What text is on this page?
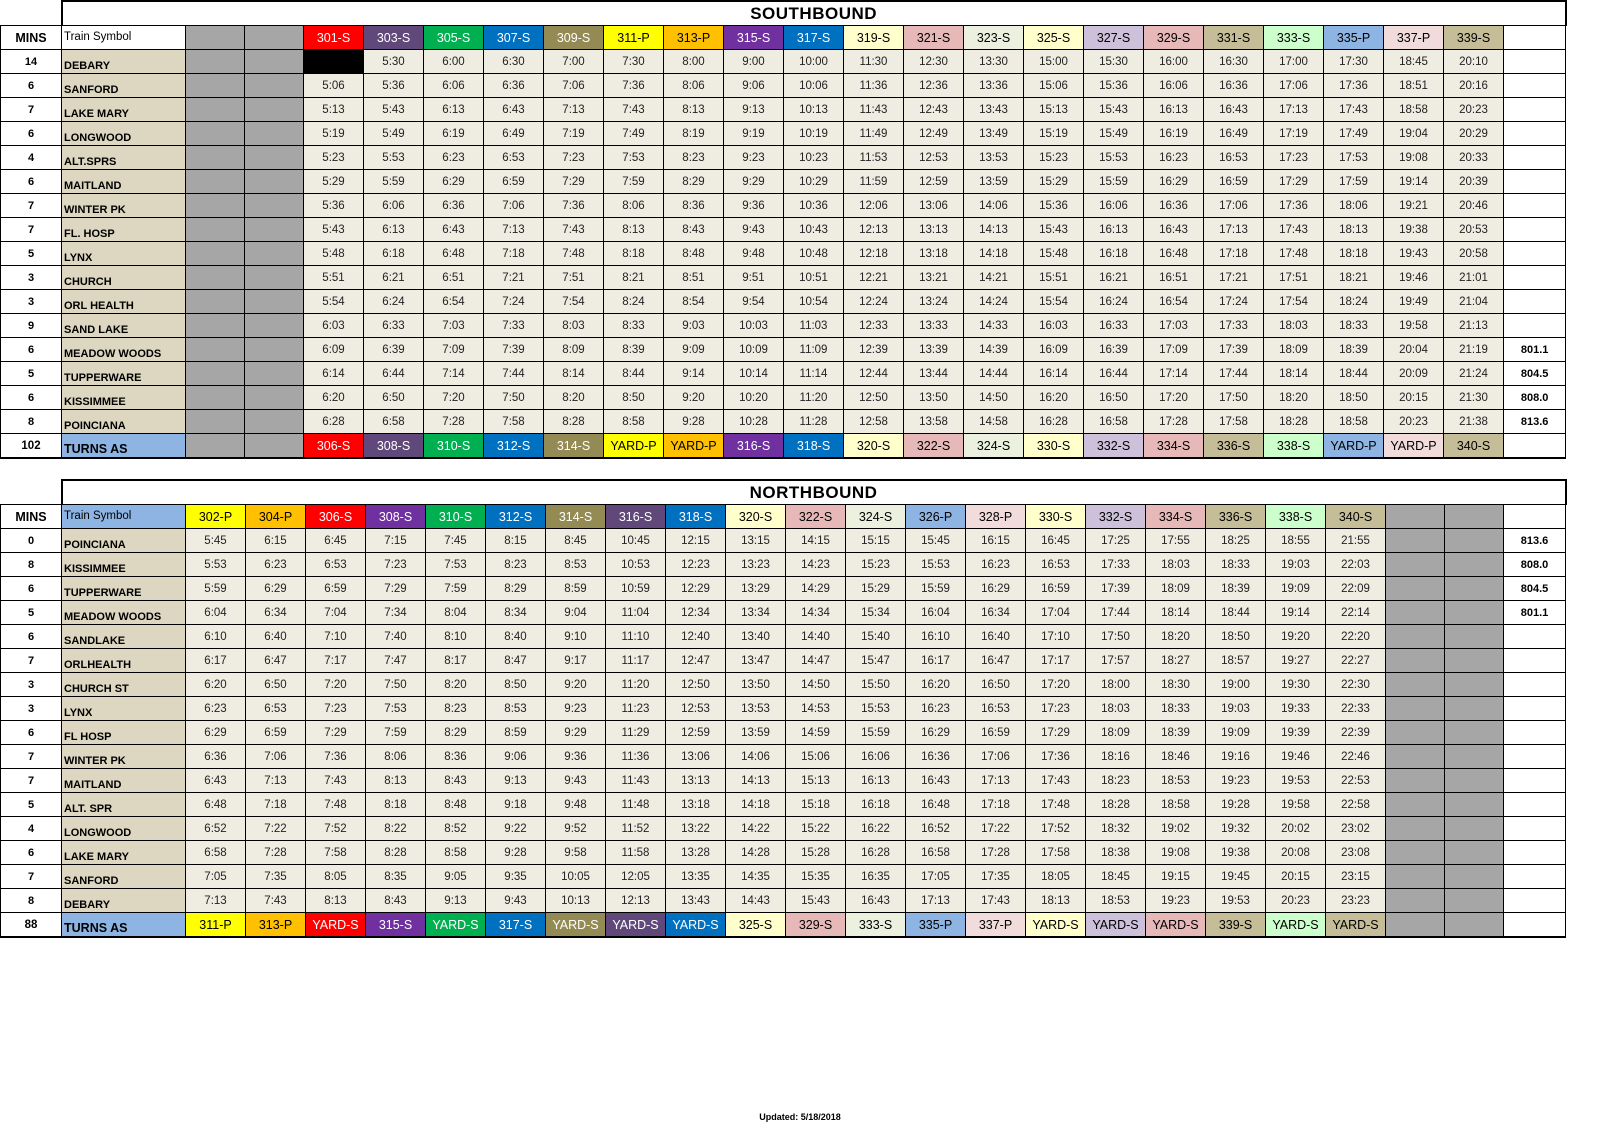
	SOUTHBOUND																							
MINS	Train Symbol			301-S	303-S	305-S	307-S	309-S	311-P	313-P	315-S	317-S	319-S	321-S	323-S	325-S	327-S	329-S	331-S	333-S	335-P	337-P	339-S	
14	DEBARY				5:30	6:00	6:30	7:00	7:30	8:00	9:00	10:00	11:30	12:30	13:30	15:00	15:30	16:00	16:30	17:00	17:30	18:45	20:10	
6	SANFORD			5:06	5:36	6:06	6:36	7:06	7:36	8:06	9:06	10:06	11:36	12:36	13:36	15:06	15:36	16:06	16:36	17:06	17:36	18:51	20:16	
7	LAKE MARY			5:13	5:43	6:13	6:43	7:13	7:43	8:13	9:13	10:13	11:43	12:43	13:43	15:13	15:43	16:13	16:43	17:13	17:43	18:58	20:23	
6	LONGWOOD			5:19	5:49	6:19	6:49	7:19	7:49	8:19	9:19	10:19	11:49	12:49	13:49	15:19	15:49	16:19	16:49	17:19	17:49	19:04	20:29	
4	ALT.SPRS			5:23	5:53	6:23	6:53	7:23	7:53	8:23	9:23	10:23	11:53	12:53	13:53	15:23	15:53	16:23	16:53	17:23	17:53	19:08	20:33	
6	MAITLAND			5:29	5:59	6:29	6:59	7:29	7:59	8:29	9:29	10:29	11:59	12:59	13:59	15:29	15:59	16:29	16:59	17:29	17:59	19:14	20:39	
7	WINTER PK			5:36	6:06	6:36	7:06	7:36	8:06	8:36	9:36	10:36	12:06	13:06	14:06	15:36	16:06	16:36	17:06	17:36	18:06	19:21	20:46	
7	FL. HOSP			5:43	6:13	6:43	7:13	7:43	8:13	8:43	9:43	10:43	12:13	13:13	14:13	15:43	16:13	16:43	17:13	17:43	18:13	19:38	20:53	
5	LYNX			5:48	6:18	6:48	7:18	7:48	8:18	8:48	9:48	10:48	12:18	13:18	14:18	15:48	16:18	16:48	17:18	17:48	18:18	19:43	20:58	
3	CHURCH			5:51	6:21	6:51	7:21	7:51	8:21	8:51	9:51	10:51	12:21	13:21	14:21	15:51	16:21	16:51	17:21	17:51	18:21	19:46	21:01	
3	ORL HEALTH			5:54	6:24	6:54	7:24	7:54	8:24	8:54	9:54	10:54	12:24	13:24	14:24	15:54	16:24	16:54	17:24	17:54	18:24	19:49	21:04	
9	SAND LAKE			6:03	6:33	7:03	7:33	8:03	8:33	9:03	10:03	11:03	12:33	13:33	14:33	16:03	16:33	17:03	17:33	18:03	18:33	19:58	21:13	
6	MEADOW WOODS			6:09	6:39	7:09	7:39	8:09	8:39	9:09	10:09	11:09	12:39	13:39	14:39	16:09	16:39	17:09	17:39	18:09	18:39	20:04	21:19	801.1
5	TUPPERWARE			6:14	6:44	7:14	7:44	8:14	8:44	9:14	10:14	11:14	12:44	13:44	14:44	16:14	16:44	17:14	17:44	18:14	18:44	20:09	21:24	804.5
6	KISSIMMEE			6:20	6:50	7:20	7:50	8:20	8:50	9:20	10:20	11:20	12:50	13:50	14:50	16:20	16:50	17:20	17:50	18:20	18:50	20:15	21:30	808.0
8	POINCIANA			6:28	6:58	7:28	7:58	8:28	8:58	9:28	10:28	11:28	12:58	13:58	14:58	16:28	16:58	17:28	17:58	18:28	18:58	20:23	21:38	813.6
102	TURNS AS			306-S	308-S	310-S	312-S	314-S	YARD-P	YARD-P	316-S	318-S	320-S	322-S	324-S	330-S	332-S	334-S	336-S	338-S	YARD-P	YARD-P	340-S	
	NORTHBOUND																							
MINS	Train Symbol	302-P	304-P	306-S	308-S	310-S	312-S	314-S	316-S	318-S	320-S	322-S	324-S	326-P	328-P	330-S	332-S	334-S	336-S	338-S	340-S			
0	POINCIANA	5:45	6:15	6:45	7:15	7:45	8:15	8:45	10:45	12:15	13:15	14:15	15:15	15:45	16:15	16:45	17:25	17:55	18:25	18:55	21:55			813.6
8	KISSIMMEE	5:53	6:23	6:53	7:23	7:53	8:23	8:53	10:53	12:23	13:23	14:23	15:23	15:53	16:23	16:53	17:33	18:03	18:33	19:03	22:03			808.0
6	TUPPERWARE	5:59	6:29	6:59	7:29	7:59	8:29	8:59	10:59	12:29	13:29	14:29	15:29	15:59	16:29	16:59	17:39	18:09	18:39	19:09	22:09			804.5
5	MEADOW WOODS	6:04	6:34	7:04	7:34	8:04	8:34	9:04	11:04	12:34	13:34	14:34	15:34	16:04	16:34	17:04	17:44	18:14	18:44	19:14	22:14			801.1
6	SANDLAKE	6:10	6:40	7:10	7:40	8:10	8:40	9:10	11:10	12:40	13:40	14:40	15:40	16:10	16:40	17:10	17:50	18:20	18:50	19:20	22:20			
7	ORLHEALTH	6:17	6:47	7:17	7:47	8:17	8:47	9:17	11:17	12:47	13:47	14:47	15:47	16:17	16:47	17:17	17:57	18:27	18:57	19:27	22:27			
3	CHURCH ST	6:20	6:50	7:20	7:50	8:20	8:50	9:20	11:20	12:50	13:50	14:50	15:50	16:20	16:50	17:20	18:00	18:30	19:00	19:30	22:30			
3	LYNX	6:23	6:53	7:23	7:53	8:23	8:53	9:23	11:23	12:53	13:53	14:53	15:53	16:23	16:53	17:23	18:03	18:33	19:03	19:33	22:33			
6	FL HOSP	6:29	6:59	7:29	7:59	8:29	8:59	9:29	11:29	12:59	13:59	14:59	15:59	16:29	16:59	17:29	18:09	18:39	19:09	19:39	22:39			
7	WINTER PK	6:36	7:06	7:36	8:06	8:36	9:06	9:36	11:36	13:06	14:06	15:06	16:06	16:36	17:06	17:36	18:16	18:46	19:16	19:46	22:46			
7	MAITLAND	6:43	7:13	7:43	8:13	8:43	9:13	9:43	11:43	13:13	14:13	15:13	16:13	16:43	17:13	17:43	18:23	18:53	19:23	19:53	22:53			
5	ALT. SPR	6:48	7:18	7:48	8:18	8:48	9:18	9:48	11:48	13:18	14:18	15:18	16:18	16:48	17:18	17:48	18:28	18:58	19:28	19:58	22:58			
4	LONGWOOD	6:52	7:22	7:52	8:22	8:52	9:22	9:52	11:52	13:22	14:22	15:22	16:22	16:52	17:22	17:52	18:32	19:02	19:32	20:02	23:02			
6	LAKE MARY	6:58	7:28	7:58	8:28	8:58	9:28	9:58	11:58	13:28	14:28	15:28	16:28	16:58	17:28	17:58	18:38	19:08	19:38	20:08	23:08			
7	SANFORD	7:05	7:35	8:05	8:35	9:05	9:35	10:05	12:05	13:35	14:35	15:35	16:35	17:05	17:35	18:05	18:45	19:15	19:45	20:15	23:15			
8	DEBARY	7:13	7:43	8:13	8:43	9:13	9:43	10:13	12:13	13:43	14:43	15:43	16:43	17:13	17:43	18:13	18:53	19:23	19:53	20:23	23:23			
88	TURNS AS	311-P	313-P	YARD-S	315-S	YARD-S	317-S	YARD-S	YARD-S	YARD-S	325-S	329-S	333-S	335-P	337-P	YARD-S	YARD-S	YARD-S	339-S	YARD-S	YARD-S			
Updated: 5/18/2018
